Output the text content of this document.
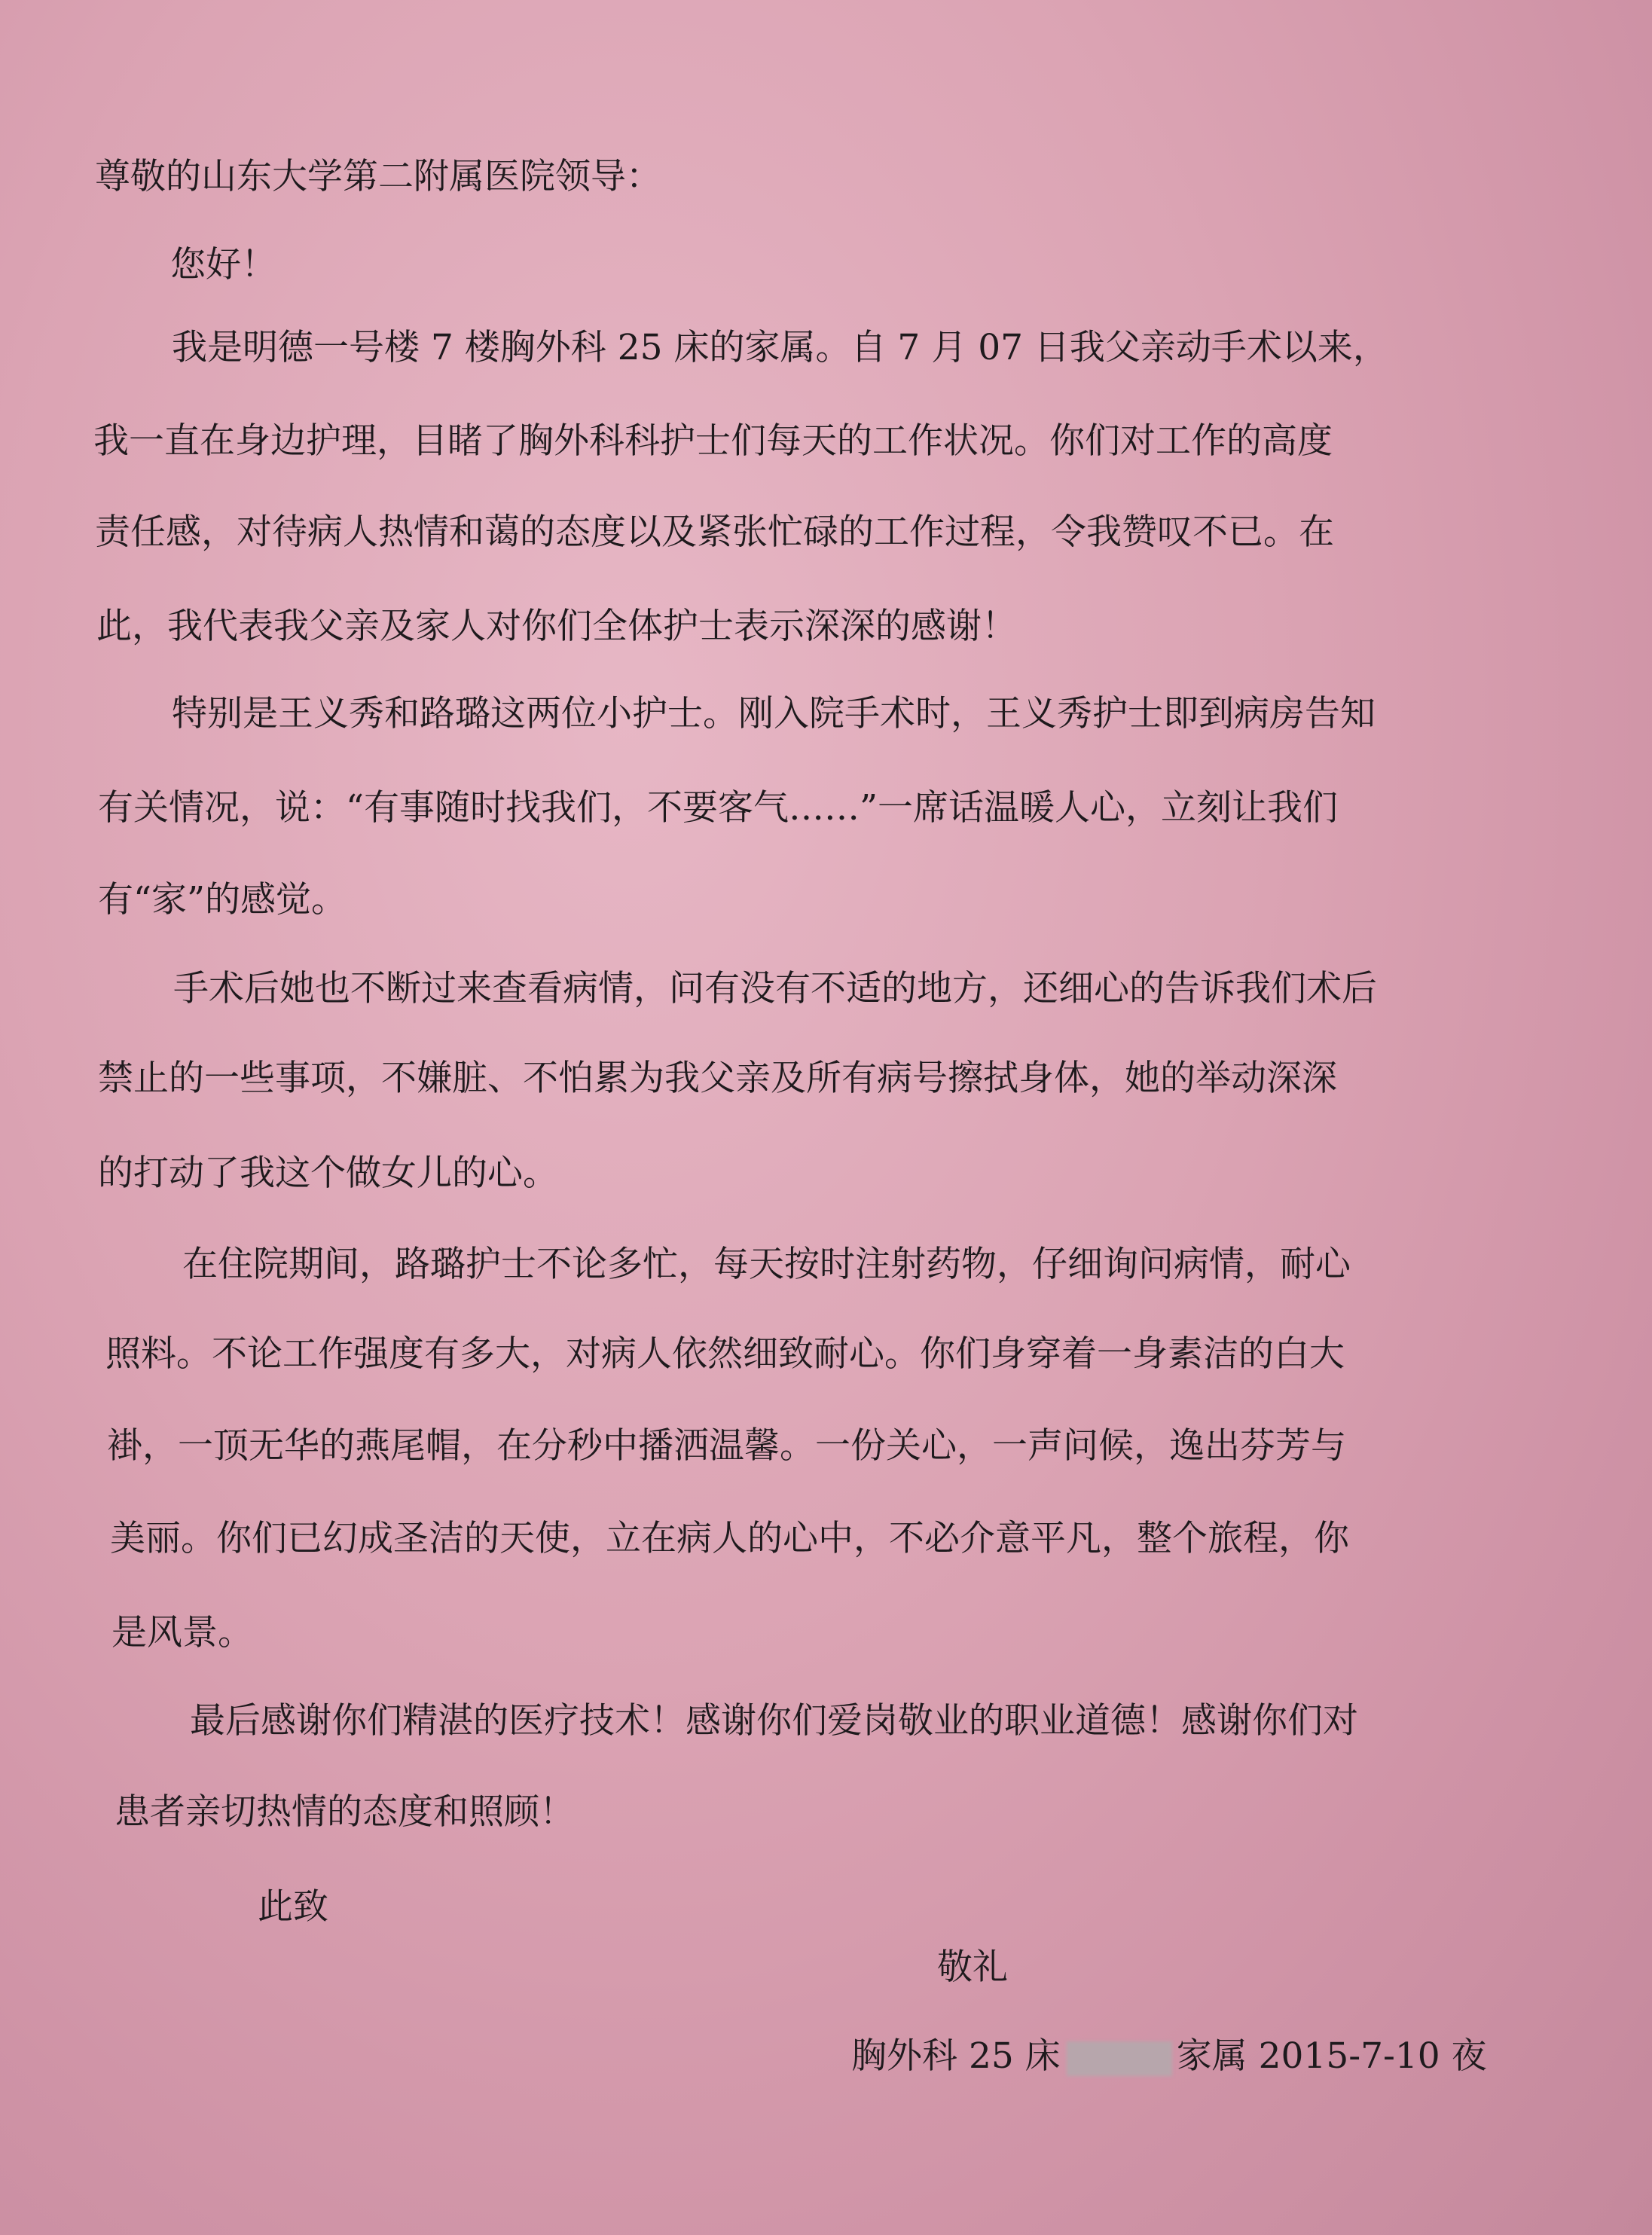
尊敬的山东大学第二附属医院领导：
您好！
我是明德一号楼 7 楼胸外科 25 床的家属。自 7 月 07 日我父亲动手术以来，
我一直在身边护理，目睹了胸外科科护士们每天的工作状况。你们对工作的高度
责任感，对待病人热情和蔼的态度以及紧张忙碌的工作过程，令我赞叹不已。在
此，我代表我父亲及家人对你们全体护士表示深深的感谢！
特别是王义秀和路璐这两位小护士。刚入院手术时，王义秀护士即到病房告知
有关情况，说：“有事随时找我们，不要客气……”一席话温暖人心，立刻让我们
有“家”的感觉。
手术后她也不断过来查看病情，问有没有不适的地方，还细心的告诉我们术后
禁止的一些事项，不嫌脏、不怕累为我父亲及所有病号擦拭身体，她的举动深深
的打动了我这个做女儿的心。
在住院期间，路璐护士不论多忙，每天按时注射药物，仔细询问病情，耐心
照料。不论工作强度有多大，对病人依然细致耐心。你们身穿着一身素洁的白大
褂，一顶无华的燕尾帽，在分秒中播洒温馨。一份关心，一声问候，逸出芬芳与
美丽。你们已幻成圣洁的天使，立在病人的心中，不必介意平凡，整个旅程，你
是风景。
最后感谢你们精湛的医疗技术！感谢你们爱岗敬业的职业道德！感谢你们对
患者亲切热情的态度和照顾！
此致
敬礼
胸外科 25 床	家属 2015-7-10 夜
